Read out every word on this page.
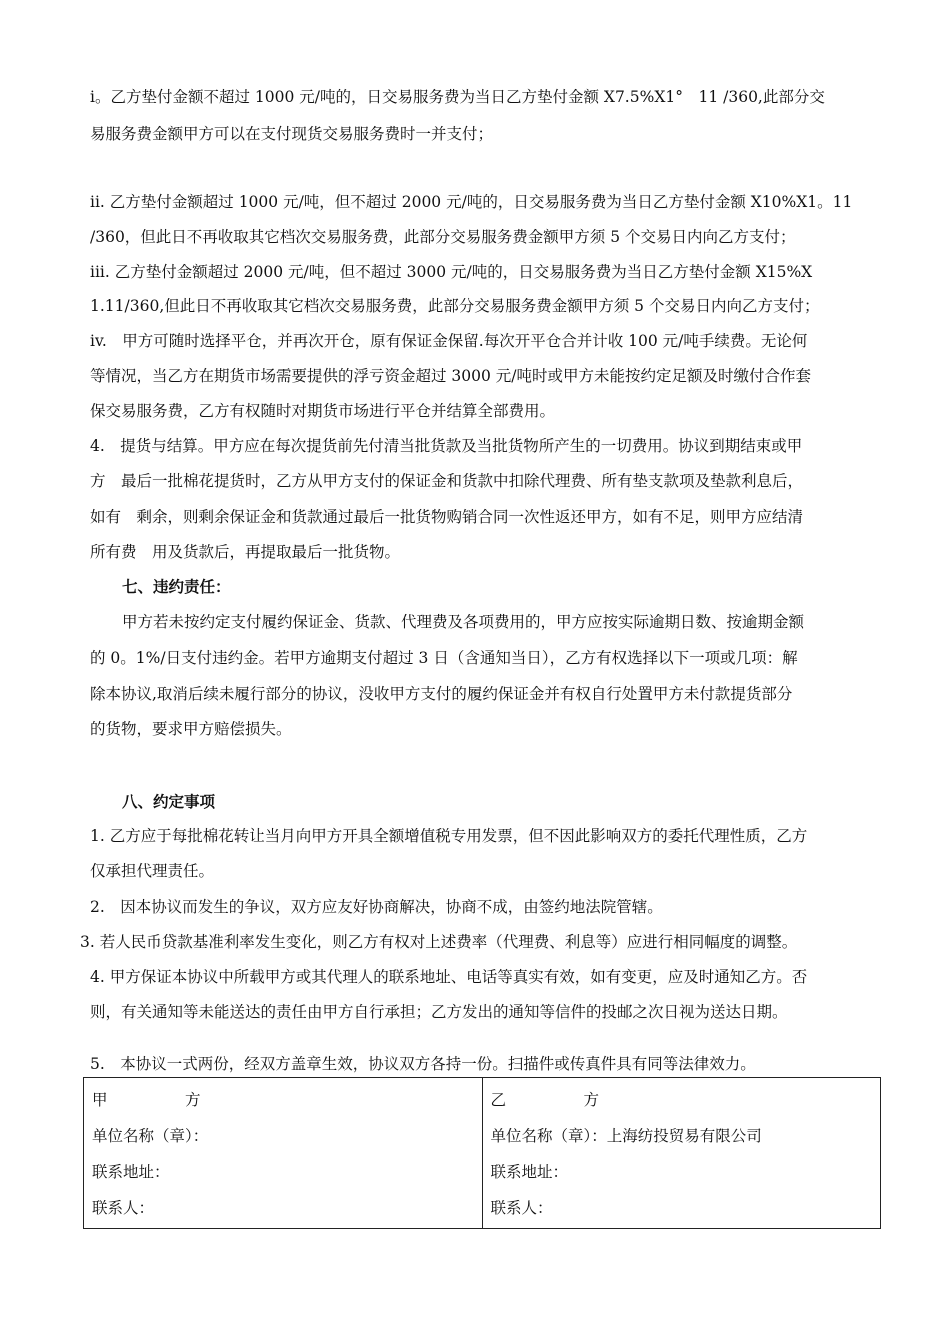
i。乙方垫付金额不超过 1000 元/吨的，日交易服务费为当日乙方垫付金额 X7.5%X1°　11 /360,此部分交
易服务费金额甲方可以在支付现货交易服务费时一并支付；
ii. 乙方垫付金额超过 1000 元/吨，但不超过 2000 元/吨的，日交易服务费为当日乙方垫付金额 X10%X1。11
/360，但此日不再收取其它档次交易服务费，此部分交易服务费金额甲方须 5 个交易日内向乙方支付；
iii. 乙方垫付金额超过 2000 元/吨，但不超过 3000 元/吨的，日交易服务费为当日乙方垫付金额 X15%X
1.11/360,但此日不再收取其它档次交易服务费，此部分交易服务费金额甲方须 5 个交易日内向乙方支付；
iv.　甲方可随时选择平仓，并再次开仓，原有保证金保留.每次开平仓合并计收 100 元/吨手续费。无论何
等情况，当乙方在期货市场需要提供的浮亏资金超过 3000 元/吨时或甲方未能按约定足额及时缴付合作套
保交易服务费，乙方有权随时对期货市场进行平仓并结算全部费用。
4.　提货与结算。甲方应在每次提货前先付清当批货款及当批货物所产生的一切费用。协议到期结束或甲
方　最后一批棉花提货时，乙方从甲方支付的保证金和货款中扣除代理费、所有垫支款项及垫款利息后，
如有　剩余，则剩余保证金和货款通过最后一批货物购销合同一次性返还甲方，如有不足，则甲方应结清
所有费　用及货款后，再提取最后一批货物。
七、违约责任：
甲方若未按约定支付履约保证金、货款、代理费及各项费用的，甲方应按实际逾期日数、按逾期金额
的 0。1%/日支付违约金。若甲方逾期支付超过 3 日（含通知当日），乙方有权选择以下一项或几项：解
除本协议,取消后续未履行部分的协议，没收甲方支付的履约保证金并有权自行处置甲方未付款提货部分
的货物，要求甲方赔偿损失。
八、约定事项
1. 乙方应于每批棉花转让当月向甲方开具全额增值税专用发票，但不因此影响双方的委托代理性质，乙方
仅承担代理责任。
2.　因本协议而发生的争议，双方应友好协商解决，协商不成，由签约地法院管辖。
3. 若人民币贷款基准利率发生变化，则乙方有权对上述费率（代理费、利息等）应进行相同幅度的调整。
4. 甲方保证本协议中所载甲方或其代理人的联系地址、电话等真实有效，如有变更，应及时通知乙方。否
则，有关通知等未能送达的责任由甲方自行承担；乙方发出的通知等信件的投邮之次日视为送达日期。
5.　本协议一式两份，经双方盖章生效，协议双方各持一份。扫描件或传真件具有同等法律效力。
甲　　　　　方
单位名称（章）：
联系地址：
联系人：

乙　　　　　方
单位名称（章）：上海纺投贸易有限公司
联系地址：
联系人：
